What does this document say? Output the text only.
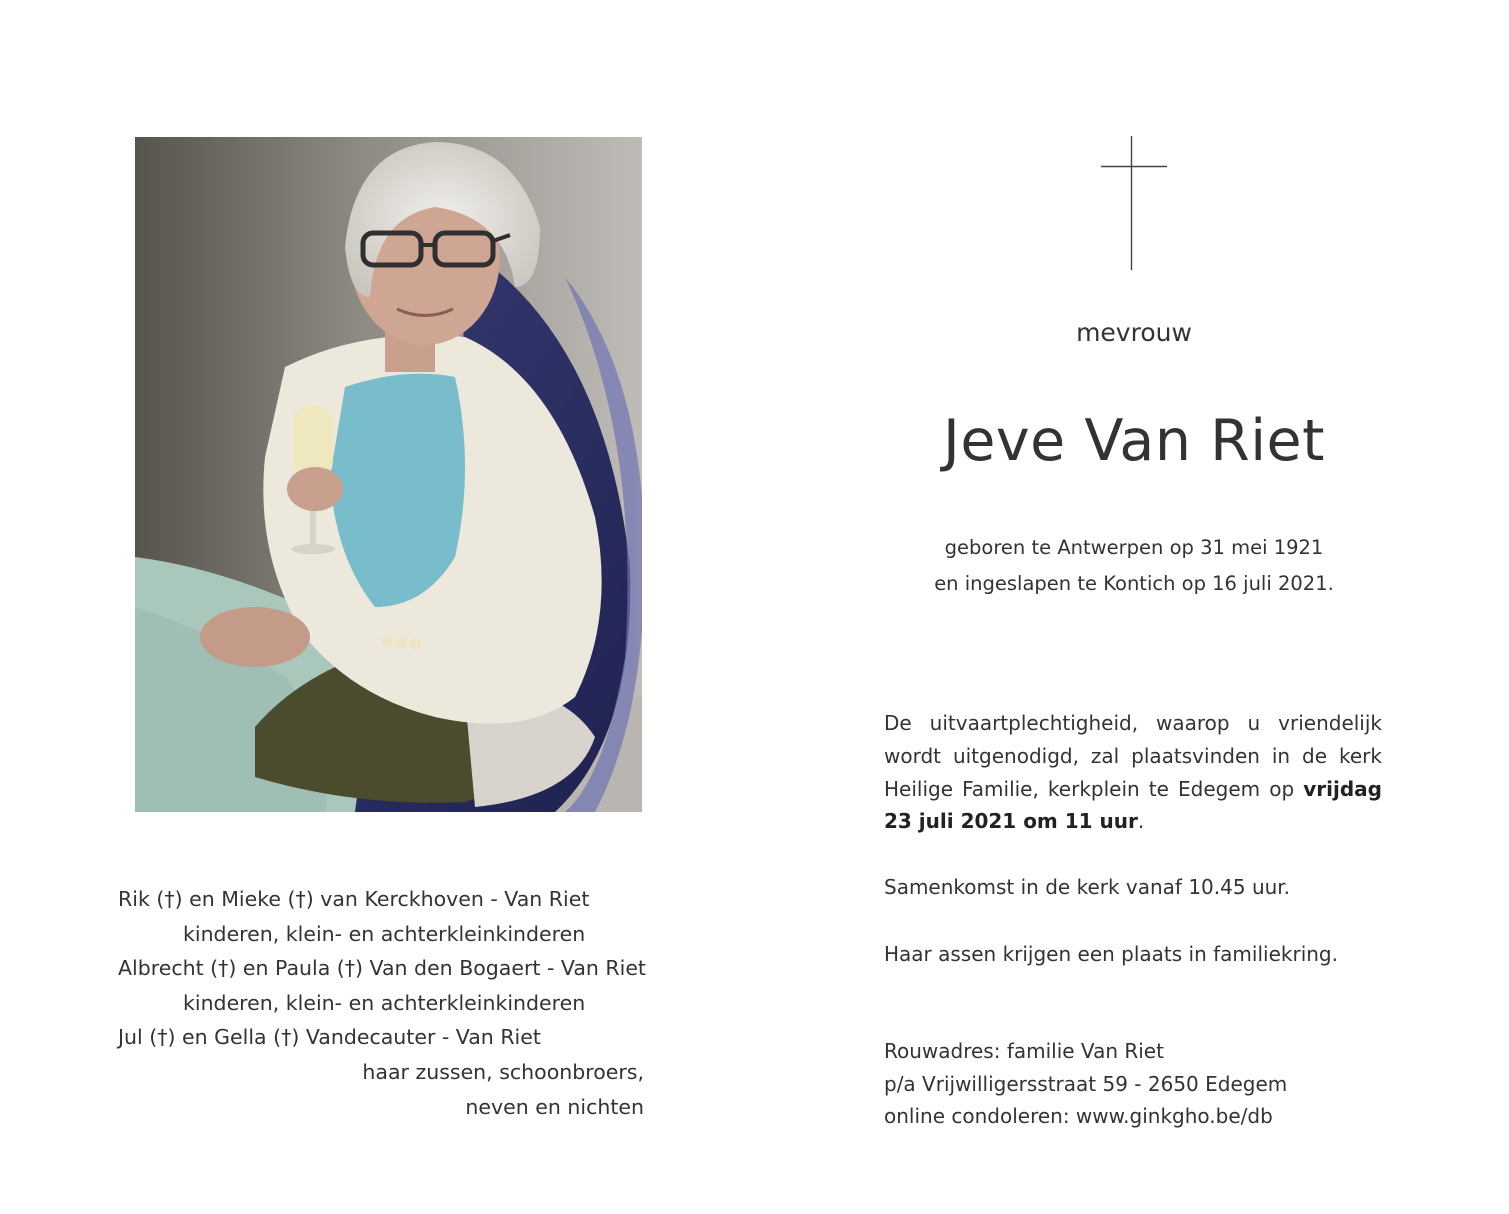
Rik (†) en Mieke (†) van Kerckhoven - Van Riet
kinderen, klein- en achterkleinkinderen
Albrecht (†) en Paula (†) Van den Bogaert - Van Riet
kinderen, klein- en achterkleinkinderen
Jul (†) en Gella (†) Vandecauter - Van Riet
haar zussen, schoonbroers,
neven en nichten
mevrouw
Jeve Van Riet
geboren te Antwerpen op 31 mei 1921
en ingeslapen te Kontich op 16 juli 2021.
De uitvaartplechtigheid, waarop u vriendelijk wordt uitgenodigd, zal plaatsvinden in de kerk Heilige Familie, kerkplein te Edegem op vrijdag 23 juli 2021 om 11 uur.
Samenkomst in de kerk vanaf 10.45 uur.
Haar assen krijgen een plaats in familiekring.
Rouwadres: familie Van Riet
p/a Vrijwilligersstraat 59 - 2650 Edegem
online condoleren: www.ginkgho.be/db
